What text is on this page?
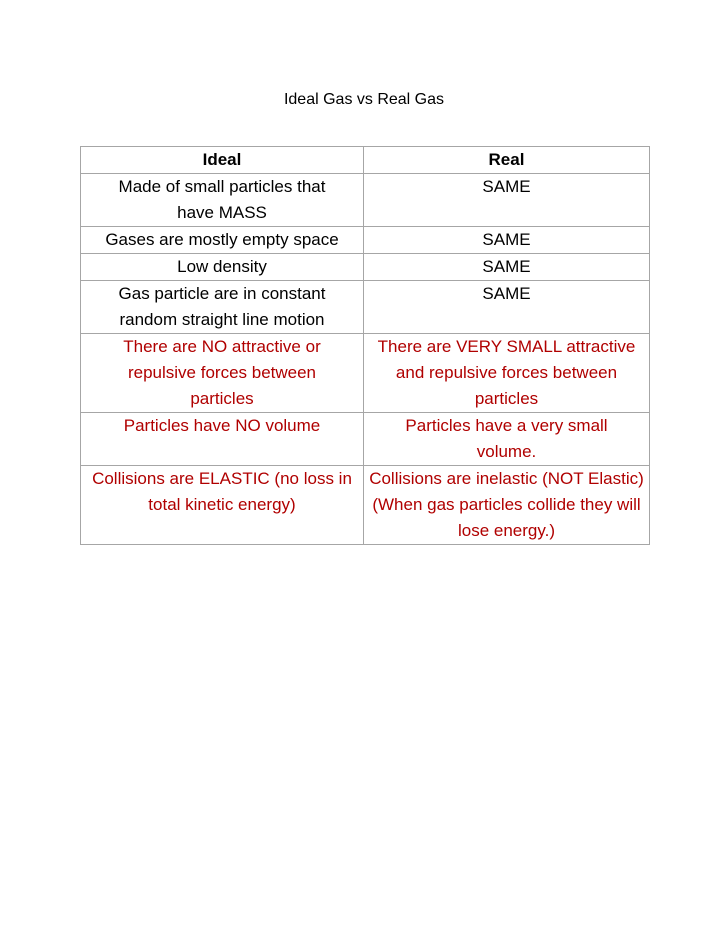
Ideal Gas vs Real Gas
Ideal	Real
Made of small particles that have MASS	SAME
Gases are mostly empty space	SAME
Low density	SAME
Gas particle are in constant random straight line motion	SAME
There are NO attractive or repulsive forces between particles	There are VERY SMALL attractive and repulsive forces between particles
Particles have NO volume	Particles have a very small volume.
Collisions are ELASTIC (no loss in total kinetic energy)	Collisions are inelastic (NOT Elastic) (When gas particles collide they will lose energy.)
